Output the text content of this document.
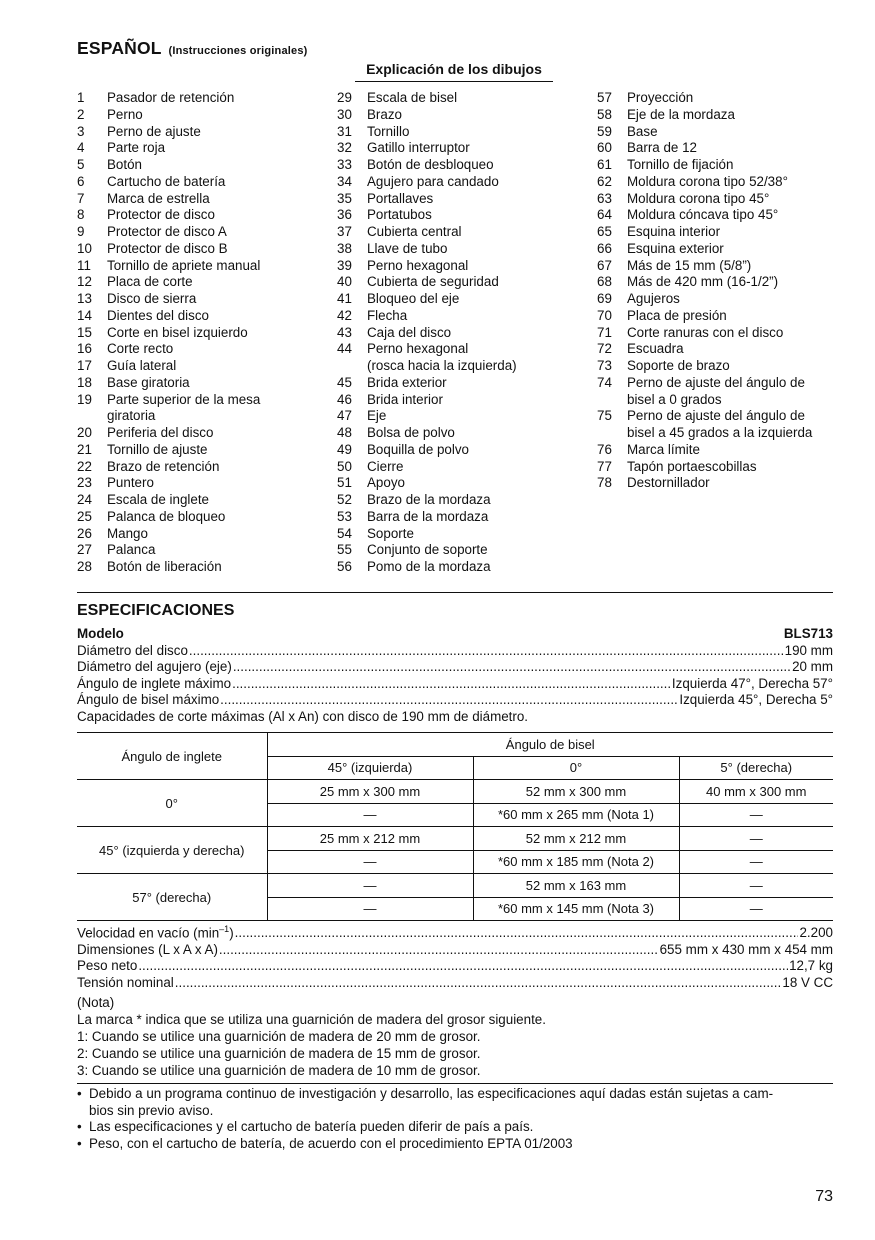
ESPAÑOL (Instrucciones originales)
Explicación de los dibujos
1	Pasador de retención
2	Perno
3	Perno de ajuste
4	Parte roja
5	Botón
6	Cartucho de batería
7	Marca de estrella
8	Protector de disco
9	Protector de disco A
10	Protector de disco B
11	Tornillo de apriete manual
12	Placa de corte
13	Disco de sierra
14	Dientes del disco
15	Corte en bisel izquierdo
16	Corte recto
17	Guía lateral
18	Base giratoria
19	Parte superior de la mesa
giratoria
20	Periferia del disco
21	Tornillo de ajuste
22	Brazo de retención
23	Puntero
24	Escala de inglete
25	Palanca de bloqueo
26	Mango
27	Palanca
28	Botón de liberación
29	Escala de bisel
30	Brazo
31	Tornillo
32	Gatillo interruptor
33	Botón de desbloqueo
34	Agujero para candado
35	Portallaves
36	Portatubos
37	Cubierta central
38	Llave de tubo
39	Perno hexagonal
40	Cubierta de seguridad
41	Bloqueo del eje
42	Flecha
43	Caja del disco
44	Perno hexagonal
(rosca hacia la izquierda)
45	Brida exterior
46	Brida interior
47	Eje
48	Bolsa de polvo
49	Boquilla de polvo
50	Cierre
51	Apoyo
52	Brazo de la mordaza
53	Barra de la mordaza
54	Soporte
55	Conjunto de soporte
56	Pomo de la mordaza
57	Proyección
58	Eje de la mordaza
59	Base
60	Barra de 12
61	Tornillo de fijación
62	Moldura corona tipo 52/38°
63	Moldura corona tipo 45°
64	Moldura cóncava tipo 45°
65	Esquina interior
66	Esquina exterior
67	Más de 15 mm (5/8”)
68	Más de 420 mm (16-1/2”)
69	Agujeros
70	Placa de presión
71	Corte ranuras con el disco
72	Escuadra
73	Soporte de brazo
74	Perno de ajuste del ángulo de
bisel a 0 grados
75	Perno de ajuste del ángulo de
bisel a 45 grados a la izquierda
76	Marca límite
77	Tapón portaescobillas
78	Destornillador
ESPECIFICACIONES
Modelo	BLS713
Diámetro del disco .....	190 mm
Diámetro del agujero (eje) .....	20 mm
Ángulo de inglete máximo .....	Izquierda 47°, Derecha 57°
Ángulo de bisel máximo .....	Izquierda 45°, Derecha 5°
Capacidades de corte máximas (Al x An) con disco de 190 mm de diámetro.
Ángulo de inglete	Ángulo de bisel		
	45° (izquierda)	0°	5° (derecha)
0°	25 mm x 300 mm	52 mm x 300 mm	40 mm x 300 mm
	—	*60 mm x 265 mm (Nota 1)	—
45° (izquierda y derecha)	25 mm x 212 mm	52 mm x 212 mm	—
	—	*60 mm x 185 mm (Nota 2)	—
57° (derecha)	—	52 mm x 163 mm	—
	—	*60 mm x 145 mm (Nota 3)	—
Velocidad en vacío $(\min^{-1})$ .....	2.200
Dimensiones (L x A x A) .....	655 mm x 430 mm x 454 mm
Peso neto .....	12,7 kg
Tensión nominal .....	18 V CC
(Nota)
La marca * indica que se utiliza una guarnición de madera del grosor siguiente.
1: Cuando se utilice una guarnición de madera de 20 mm de grosor.
2: Cuando se utilice una guarnición de madera de 15 mm de grosor.
3: Cuando se utilice una guarnición de madera de 10 mm de grosor.
• Debido a un programa continuo de investigación y desarrollo, las especificaciones aquí dadas están sujetas a cam-
bios sin previo aviso.
• Las especificaciones y el cartucho de batería pueden diferir de país a país.
• Peso, con el cartucho de batería, de acuerdo con el procedimiento EPTA 01/2003
73
